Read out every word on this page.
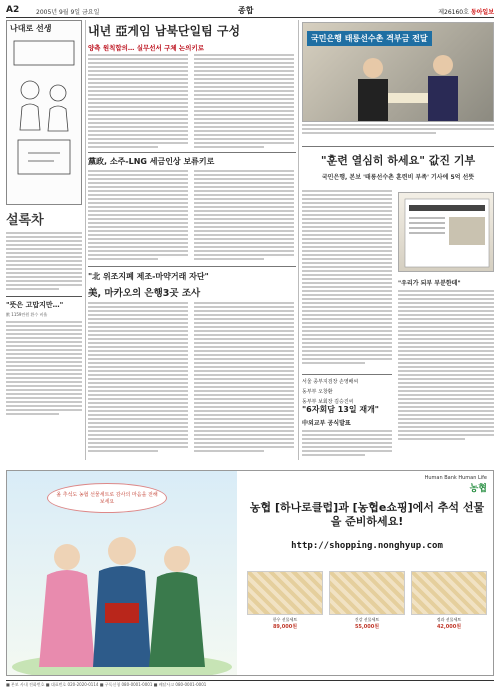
A2	2005년 9월 9일 금요일	종합	제26160호 동아일보
나대로 선생
설록차
"뜻은 고맙지만…"
獸 1159만원 환수 비율
내년 亞게임 남북단일팀 구성
양측 원칙합의… 실무선서 구체 논의키로
黨政, 소주-LNG 세금인상 보류키로
"北 위조지폐 제조-마약거래 자단"
美, 마카오의 은행3곳 조사
국민은행 태릉선수촌 격부금 전달
"훈련 열심히 하세요" 값진 기부
국민은행, 본보 '태릉선수촌 훈련비 부족' 기사에 5억 선뜻
"우리가 되부 부분한데"
서울 종부지검장 손영배씨
동부부 오창환
동부부 보회장 김승진씨
"6자회담 13일 재개"
中외교부 공식발표
올 추석도 농협 선물세트로 감사의 마음을 전해보세요
Human Bank Human Life
농협
농협 [하나로클럽]과 [농협e쇼핑]에서 추석 선물을 준비하세요!
http://shopping.nonghyup.com
한우 선물세트
89,000원
건강 선물세트
55,000원
정과 선물세트
42,000원
■ 본보 사내 전화번호 ■ 대표번호 020-2020-0114 ■ 구독신청 080-0001-0001 ■ 배달사고 080-0001-0001
